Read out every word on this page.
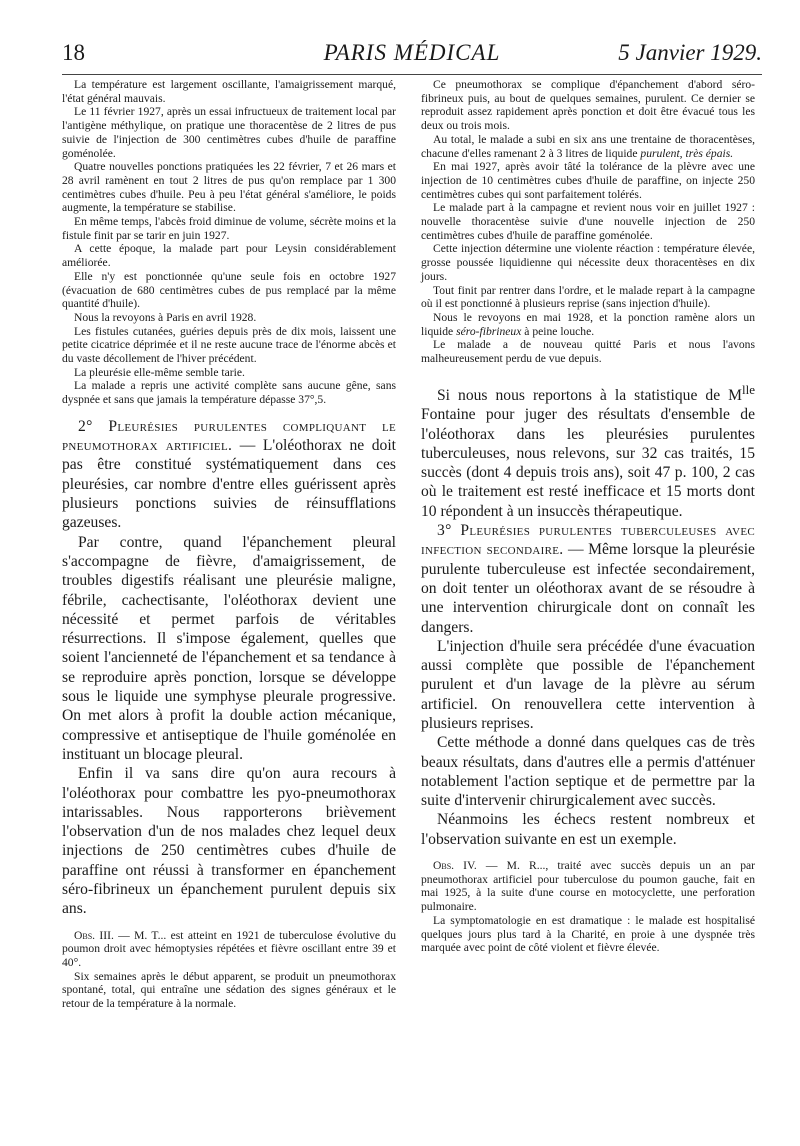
18	PARIS MÉDICAL	5 Janvier 1929.

La température est largement oscillante, l'amaigrissement marqué, l'état général mauvais.

Le 11 février 1927, après un essai infructueux de traitement local par l'antigène méthylique, on pratique une thoracentèse de 2 litres de pus suivie de l'injection de 300 centimètres cubes d'huile de paraffine goménolée.

Quatre nouvelles ponctions pratiquées les 22 février, 7 et 26 mars et 28 avril ramènent en tout 2 litres de pus qu'on remplace par 1 300 centimètres cubes d'huile. Peu à peu l'état général s'améliore, le poids augmente, la température se stabilise.

En même temps, l'abcès froid diminue de volume, sécrète moins et la fistule finit par se tarir en juin 1927.

A cette époque, la malade part pour Leysin considérablement améliorée.

Elle n'y est ponctionnée qu'une seule fois en octobre 1927 (évacuation de 680 centimètres cubes de pus remplacé par la même quantité d'huile).

Nous la revoyons à Paris en avril 1928.

Les fistules cutanées, guéries depuis près de dix mois, laissent une petite cicatrice déprimée et il ne reste aucune trace de l'énorme abcès et du vaste décollement de l'hiver précédent.

La pleurésie elle-même semble tarie.

La malade a repris une activité complète sans aucune gêne, sans dyspnée et sans que jamais la température dépasse 37°,5.

2° Pleurésies purulentes compliquant le pneumothorax artificiel. — L'oléothorax ne doit pas être constitué systématiquement dans ces pleurésies, car nombre d'entre elles guérissent après plusieurs ponctions suivies de réinsufflations gazeuses.

Par contre, quand l'épanchement pleural s'accompagne de fièvre, d'amaigrissement, de troubles digestifs réalisant une pleurésie maligne, fébrile, cachectisante, l'oléothorax devient une nécessité et permet parfois de véritables résurrections. Il s'impose également, quelles que soient l'ancienneté de l'épanchement et sa tendance à se reproduire après ponction, lorsque se développe sous le liquide une symphyse pleurale progressive. On met alors à profit la double action mécanique, compressive et antiseptique de l'huile goménolée en instituant un blocage pleural.

Enfin il va sans dire qu'on aura recours à l'oléothorax pour combattre les pyo-pneumothorax intarissables. Nous rapporterons brièvement l'observation d'un de nos malades chez lequel deux injections de 250 centimètres cubes d'huile de paraffine ont réussi à transformer en épanchement séro-fibrineux un épanchement purulent depuis six ans.

Obs. III. — M. T... est atteint en 1921 de tuberculose évolutive du poumon droit avec hémoptysies répétées et fièvre oscillant entre 39 et 40°.

Six semaines après le début apparent, se produit un pneumothorax spontané, total, qui entraîne une sédation des signes généraux et le retour de la température à la normale.

Ce pneumothorax se complique d'épanchement d'abord séro-fibrineux puis, au bout de quelques semaines, purulent. Ce dernier se reproduit assez rapidement après ponction et doit être évacué tous les deux ou trois mois.

Au total, le malade a subi en six ans une trentaine de thoracentèses, chacune d'elles ramenant 2 à 3 litres de liquide purulent, très épais.

En mai 1927, après avoir tâté la tolérance de la plèvre avec une injection de 10 centimètres cubes d'huile de paraffine, on injecte 250 centimètres cubes qui sont parfaitement tolérés.

Le malade part à la campagne et revient nous voir en juillet 1927 : nouvelle thoracentèse suivie d'une nouvelle injection de 250 centimètres cubes d'huile de paraffine goménolée.

Cette injection détermine une violente réaction : température élevée, grosse poussée liquidienne qui nécessite deux thoracentèses en dix jours.

Tout finit par rentrer dans l'ordre, et le malade repart à la campagne où il est ponctionné à plusieurs reprise (sans injection d'huile).

Nous le revoyons en mai 1928, et la ponction ramène alors un liquide séro-fibrineux à peine louche.

Le malade a de nouveau quitté Paris et nous l'avons malheureusement perdu de vue depuis.

Si nous nous reportons à la statistique de $M^{lle}$ Fontaine pour juger des résultats d'ensemble de l'oléothorax dans les pleurésies purulentes tuberculeuses, nous relevons, sur 32 cas traités, 15 succès (dont 4 depuis trois ans), soit 47 p. 100, 2 cas où le traitement est resté inefficace et 15 morts dont 10 répondent à un insuccès thérapeutique.

3° Pleurésies purulentes tuberculeuses avec infection secondaire. — Même lorsque la pleurésie purulente tuberculeuse est infectée secondairement, on doit tenter un oléothorax avant de se résoudre à une intervention chirurgicale dont on connaît les dangers.

L'injection d'huile sera précédée d'une évacuation aussi complète que possible de l'épanchement purulent et d'un lavage de la plèvre au sérum artificiel. On renouvellera cette intervention à plusieurs reprises.

Cette méthode a donné dans quelques cas de très beaux résultats, dans d'autres elle a permis d'atténuer notablement l'action septique et de permettre par la suite d'intervenir chirurgicalement avec succès.

Néanmoins les échecs restent nombreux et l'observation suivante en est un exemple.

Obs. IV. — M. R..., traité avec succès depuis un an par pneumothorax artificiel pour tuberculose du poumon gauche, fait en mai 1925, à la suite d'une course en motocyclette, une perforation pulmonaire.

La symptomatologie en est dramatique : le malade est hospitalisé quelques jours plus tard à la Charité, en proie à une dyspnée très marquée avec point de côté violent et fièvre élevée.
